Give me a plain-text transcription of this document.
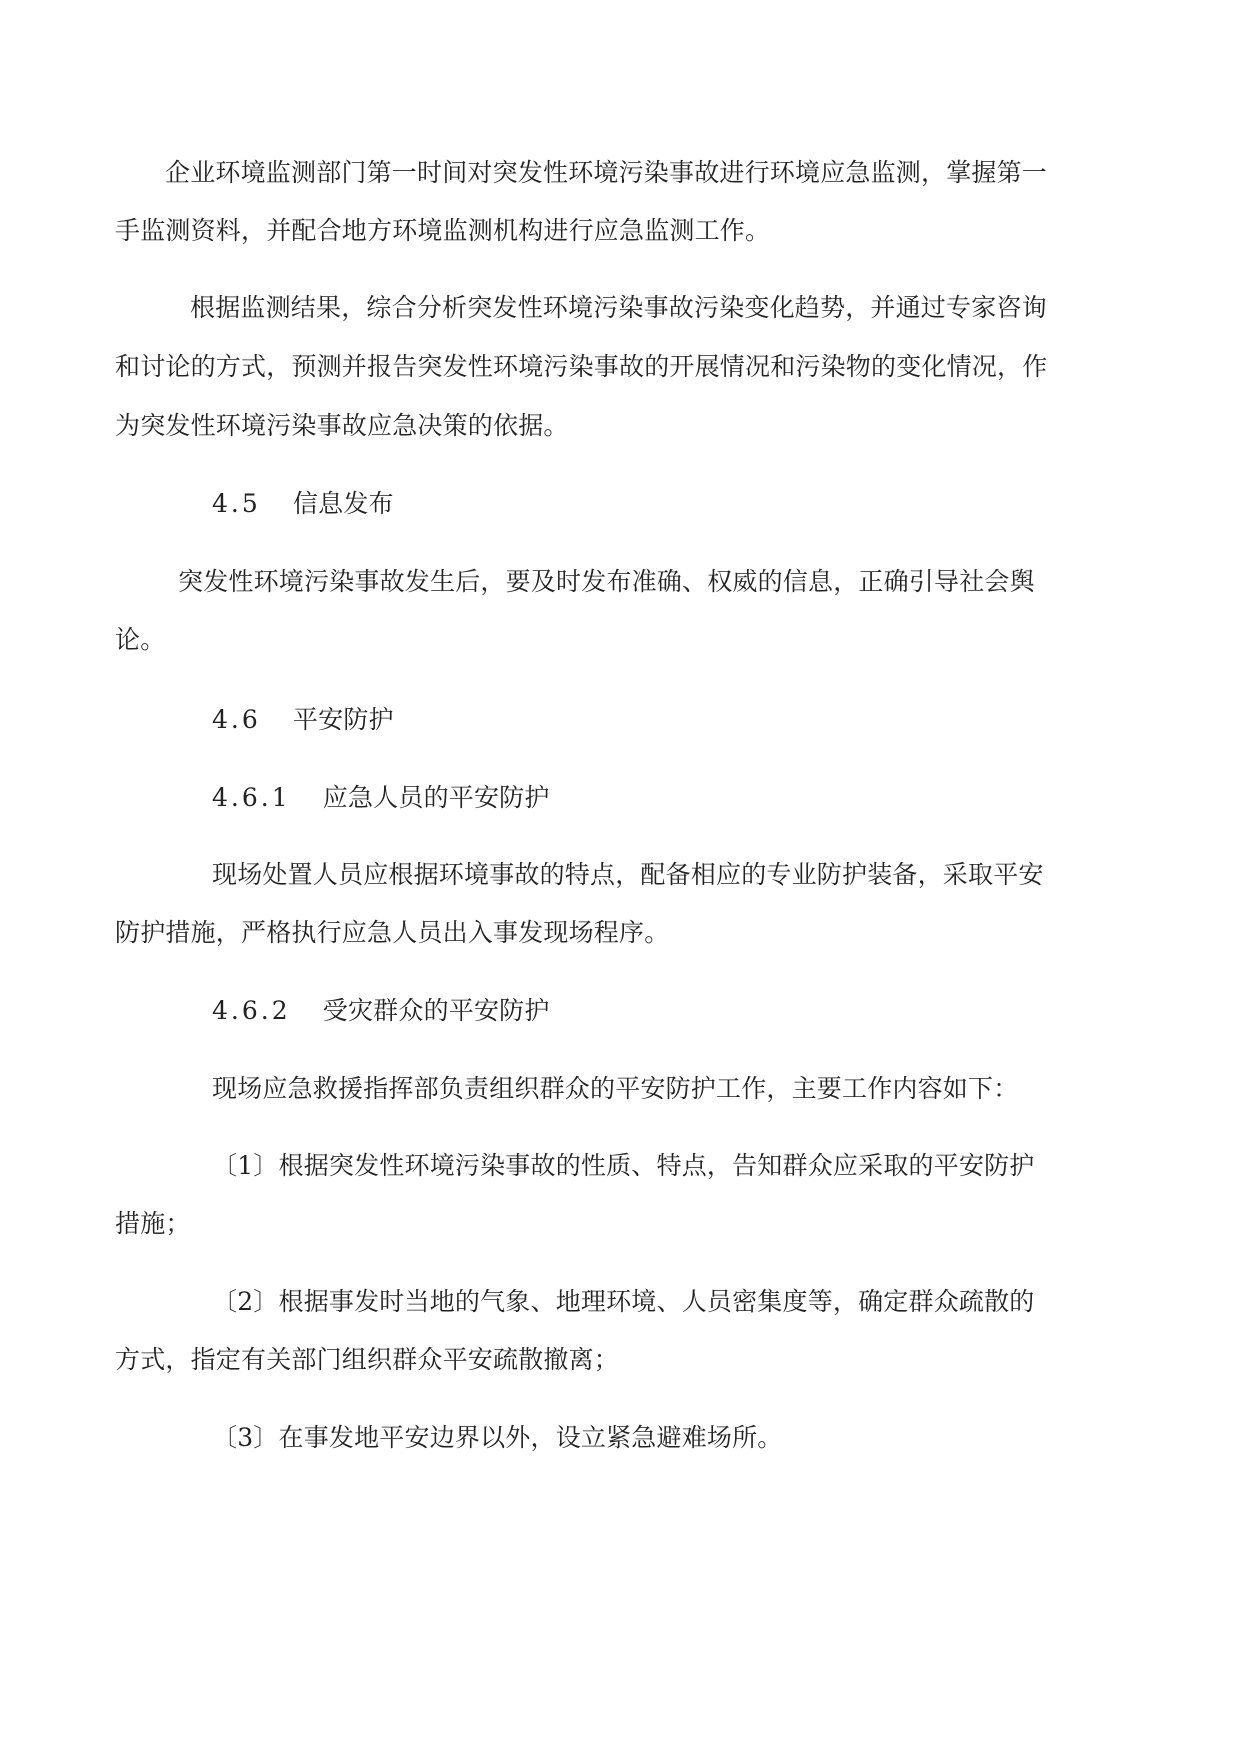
企业环境监测部门第一时间对突发性环境污染事故进行环境应急监测，掌握第一
手监测资料，并配合地方环境监测机构进行应急监测工作。
根据监测结果，综合分析突发性环境污染事故污染变化趋势，并通过专家咨询
和讨论的方式，预测并报告突发性环境污染事故的开展情况和污染物的变化情况，作
为突发性环境污染事故应急决策的依据。
4.5 信息发布
突发性环境污染事故发生后，要及时发布准确、权威的信息，正确引导社会舆
论。
4.6 平安防护
4.6.1 应急人员的平安防护
现场处置人员应根据环境事故的特点，配备相应的专业防护装备，采取平安
防护措施，严格执行应急人员出入事发现场程序。
4.6.2 受灾群众的平安防护
现场应急救援指挥部负责组织群众的平安防护工作，主要工作内容如下：
〔1〕根据突发性环境污染事故的性质、特点，告知群众应采取的平安防护
措施；
〔2〕根据事发时当地的气象、地理环境、人员密集度等，确定群众疏散的
方式，指定有关部门组织群众平安疏散撤离；
〔3〕在事发地平安边界以外，设立紧急避难场所。
